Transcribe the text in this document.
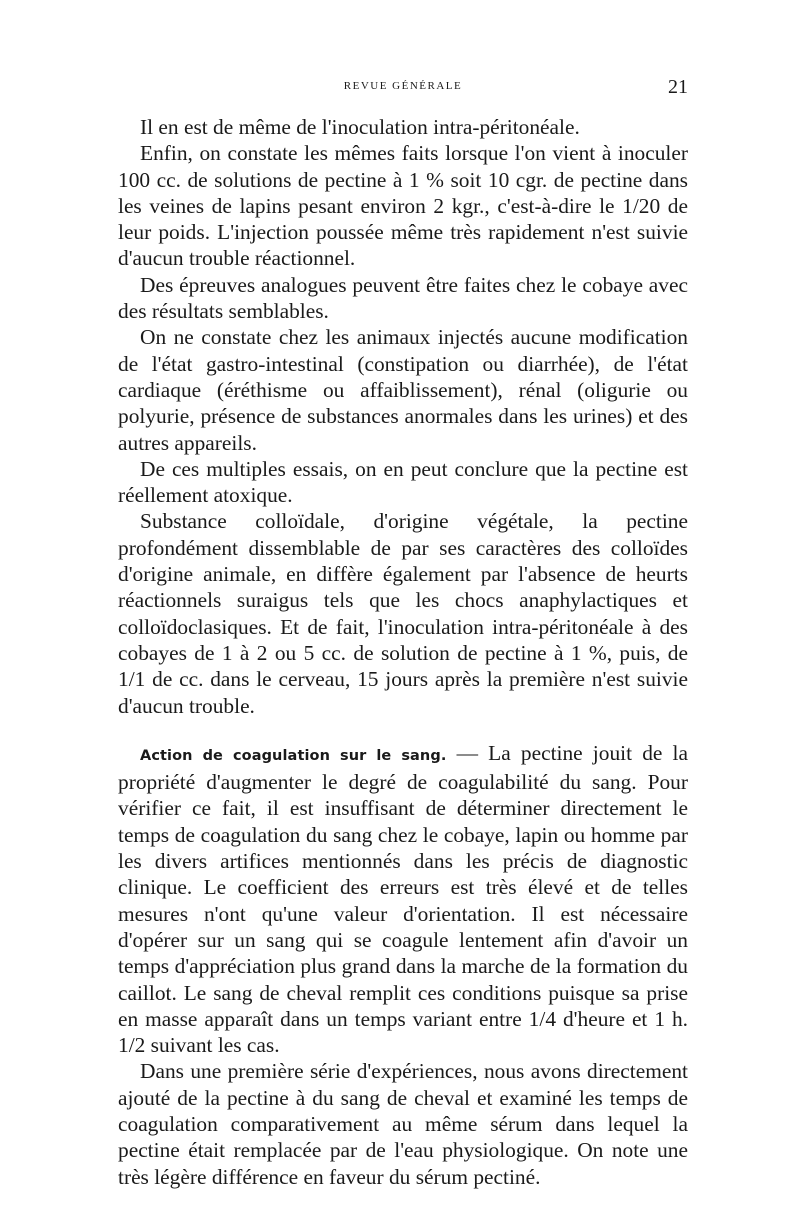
REVUE GÉNÉRALE	21

Il en est de même de l'inoculation intra-péritonéale.

Enfin, on constate les mêmes faits lorsque l'on vient à inoculer 100 cc. de solutions de pectine à 1 % soit 10 cgr. de pectine dans les veines de lapins pesant environ 2 kgr., c'est-à-dire le 1/20 de leur poids. L'injection poussée même très rapidement n'est suivie d'aucun trouble réactionnel.

Des épreuves analogues peuvent être faites chez le cobaye avec des résultats semblables.

On ne constate chez les animaux injectés aucune modification de l'état gastro-intestinal (constipation ou diarrhée), de l'état cardiaque (éréthisme ou affaiblissement), rénal (oligurie ou polyurie, présence de substances anormales dans les urines) et des autres appareils.

De ces multiples essais, on en peut conclure que la pectine est réellement atoxique.

Substance colloïdale, d'origine végétale, la pectine profondément dissemblable de par ses caractères des colloïdes d'origine animale, en diffère également par l'absence de heurts réactionnels suraigus tels que les chocs anaphylactiques et colloïdoclasiques. Et de fait, l'inoculation intra-péritonéale à des cobayes de 1 à 2 ou 5 cc. de solution de pectine à 1 %, puis, de 1/1 de cc. dans le cerveau, 15 jours après la première n'est suivie d'aucun trouble.

Action de coagulation sur le sang. — La pectine jouit de la propriété d'augmenter le degré de coagulabilité du sang. Pour vérifier ce fait, il est insuffisant de déterminer directement le temps de coagulation du sang chez le cobaye, lapin ou homme par les divers artifices mentionnés dans les précis de diagnostic clinique. Le coefficient des erreurs est très élevé et de telles mesures n'ont qu'une valeur d'orientation. Il est nécessaire d'opérer sur un sang qui se coagule lentement afin d'avoir un temps d'appréciation plus grand dans la marche de la formation du caillot. Le sang de cheval remplit ces conditions puisque sa prise en masse apparaît dans un temps variant entre 1/4 d'heure et 1 h. 1/2 suivant les cas.

Dans une première série d'expériences, nous avons directement ajouté de la pectine à du sang de cheval et examiné les temps de coagulation comparativement au même sérum dans lequel la pectine était remplacée par de l'eau physiologique. On note une très légère différence en faveur du sérum pectiné.
